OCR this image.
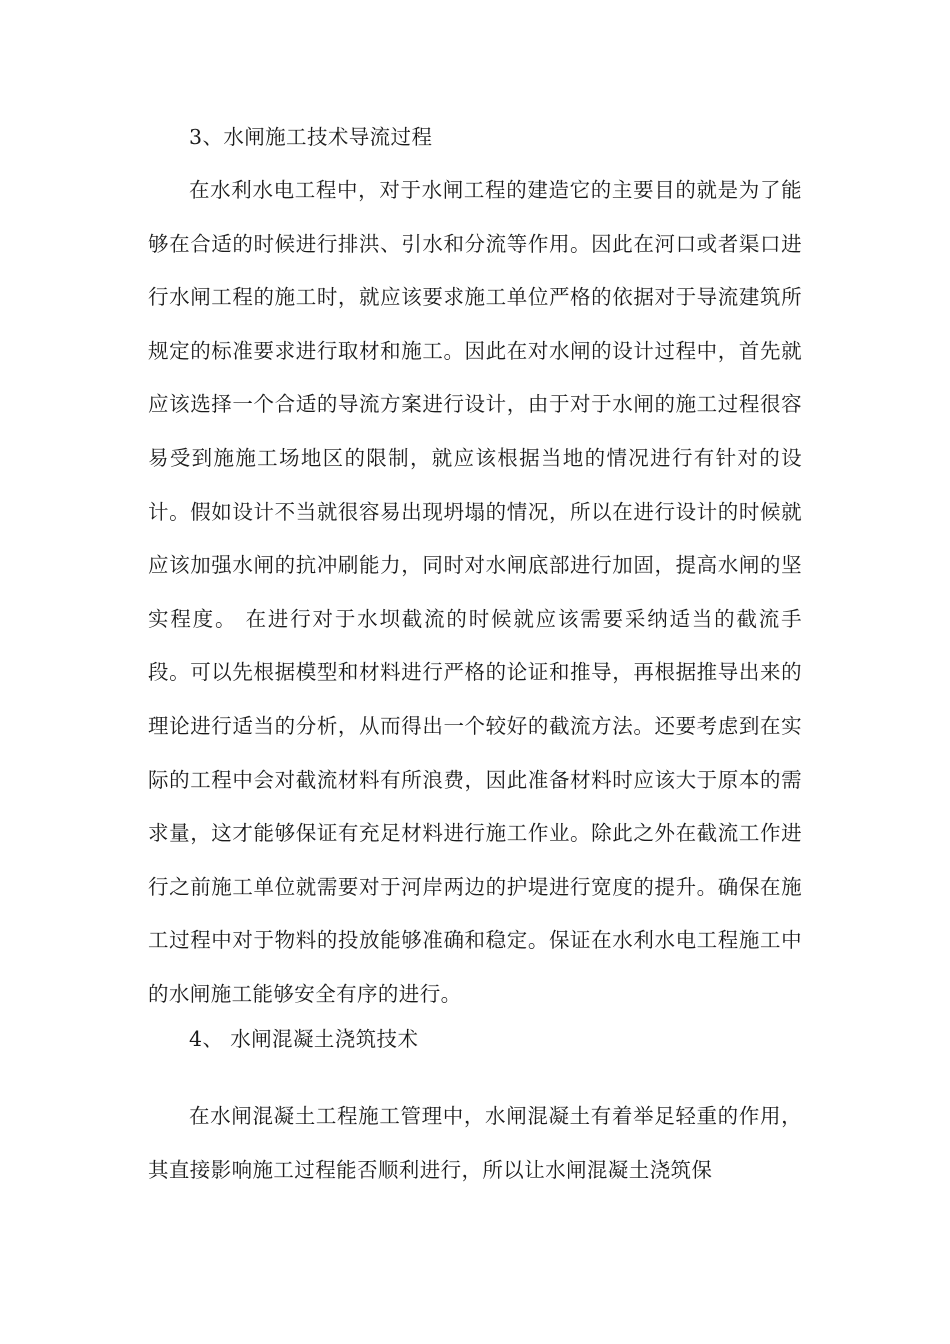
3、水闸施工技术导流过程
在水利水电工程中，对于水闸工程的建造它的主要目的就是为了能够在合适的时候进行排洪、引水和分流等作用。因此在河口或者渠口进行水闸工程的施工时，就应该要求施工单位严格的依据对于导流建筑所规定的标准要求进行取材和施工。因此在对水闸的设计过程中，首先就应该选择一个合适的导流方案进行设计，由于对于水闸的施工过程很容易受到施施工场地区的限制，就应该根据当地的情况进行有针对的设计。假如设计不当就很容易出现坍塌的情况，所以在进行设计的时候就应该加强水闸的抗冲刷能力，同时对水闸底部进行加固，提高水闸的坚实程度。 在进行对于水坝截流的时候就应该需要采纳适当的截流手段。可以先根据模型和材料进行严格的论证和推导，再根据推导出来的理论进行适当的分析，从而得出一个较好的截流方法。还要考虑到在实际的工程中会对截流材料有所浪费，因此准备材料时应该大于原本的需求量，这才能够保证有充足材料进行施工作业。除此之外在截流工作进行之前施工单位就需要对于河岸两边的护堤进行宽度的提升。确保在施工过程中对于物料的投放能够准确和稳定。保证在水利水电工程施工中的水闸施工能够安全有序的进行。
4、 水闸混凝土浇筑技术
在水闸混凝土工程施工管理中，水闸混凝土有着举足轻重的作用，其直接影响施工过程能否顺利进行，所以让水闸混凝土浇筑保
